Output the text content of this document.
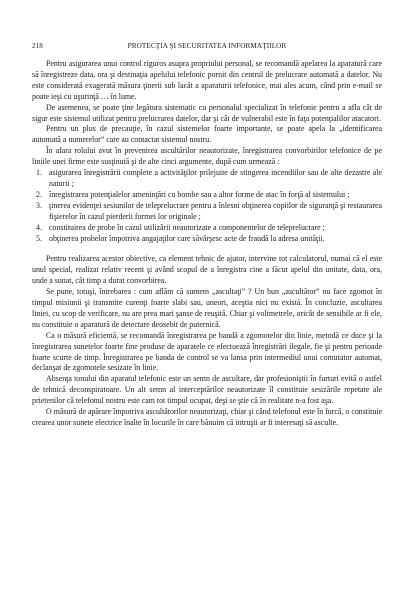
218	PROTECŢIA ŞI SECURITATEA INFORMAŢIILOR

Pentru asigurarea unui control riguros asupra propriului personal, se recomandă apelarea la aparatură care să înregistreze data, ora şi destinaţia apelului telefonic pornit din centrul de prelucrare automată a datelor. Nu este considerată exagerată măsura ţinerii sub lacăt a aparaturii telefonice, mai ales acum, când prin e-mail se poate ieşi cu uşurinţă … în lume.

De asemenea, se poate ţine legătura sistematic cu personalul specializat în telefonie pentru a afla cât de sigur este sistemul utilizat pentru prelucrarea datelor, dar şi cât de vulnerabil este în faţa potenţialilor atacatori.

Pentru un plus de precauţie, în cazul sistemelor foarte importante, se poate apela la „identificarea automată a numerelor” care au contactat sistemul nostru.

În afara rolului avut în prevenirea ascultărilor neautorizate, înregistrarea convorbirilor telefonice de pe liniile unei firme este susţinută şi de alte cinci argumente, după cum urmează :

1. asigurarea înregistrării complete a activităţilor prilejuite de stingerea incendiilor sau de alte dezastre ale naturii ;
2. înregistrarea potenţialelor ameninţări cu bombe sau a altor forme de atac în forţă al sistemului ;
3. ţinerea evidenţei sesiunilor de teleprelucrare pentru a înlesni obţinerea copiilor de siguranţă şi restaurarea fişierelor în cazul pierderii formei lor originale ;
4. constituirea de probe în cazul utilizării neautorizate a componentelor de teleprelucrare ;
5. obţinerea probelor împotriva angajaţilor care săvârşesc acte de fraudă la adresa unităţii.

Pentru realizarea acestor obiective, ca element tehnic de ajutor, intervine tot calculatorul, numai că el este unul special, realizat relativ recent şi având scopul de a înregistra cine a făcut apelul din unitate, data, ora, unde a sunat, cât timp a durat convorbirea.

Se pune, totuşi, întrebarea : cum aflăm că suntem „ascultaţi” ? Un bun „ascultător” nu face zgomot în timpul misiunii şi transmite curenţi foarte slabi sau, uneori, aceştia nici nu există. În concluzie, ascultarea liniei, cu scop de verificare, nu are prea mari şanse de reuşită. Chiar şi voltmetrele, oricât de sensibile ar fi ele, nu constituie o aparatură de detectare deosebit de puternică.

Ca o măsură eficientă, se recomandă înregistrarea pe bandă a zgomotelor din linie, metodă ce duce şi la înregistrarea sunetelor foarte fine produse de aparatele ce efectuează înregistrări ilegale, fie şi pentru perioade foarte scurte de timp. Înregistrarea pe banda de control se va lansa prin intermediul unui comutator automat, declanşat de zgomotele sesizate în linie.

Absenţa tonului din aparatul telefonic este un semn de ascultare, dar profesioniştii în furturi evită o astfel de tehnică deconspiratoare. Un alt semn al interceptărilor neautorizate îl constituie sesizările repetate ale prietenilor că telefonul nostru este cam tot timpul ocupat, deşi se ştie că în realitate n-a fost aşa.

O măsură de apărare împotriva ascultătorilor neautorizaţi, chiar şi când telefonul este în furcă, o constituie crearea unor sunete electrice înalte în locurile în care bănuim că intruşii ar fi interesaţi să asculte.
